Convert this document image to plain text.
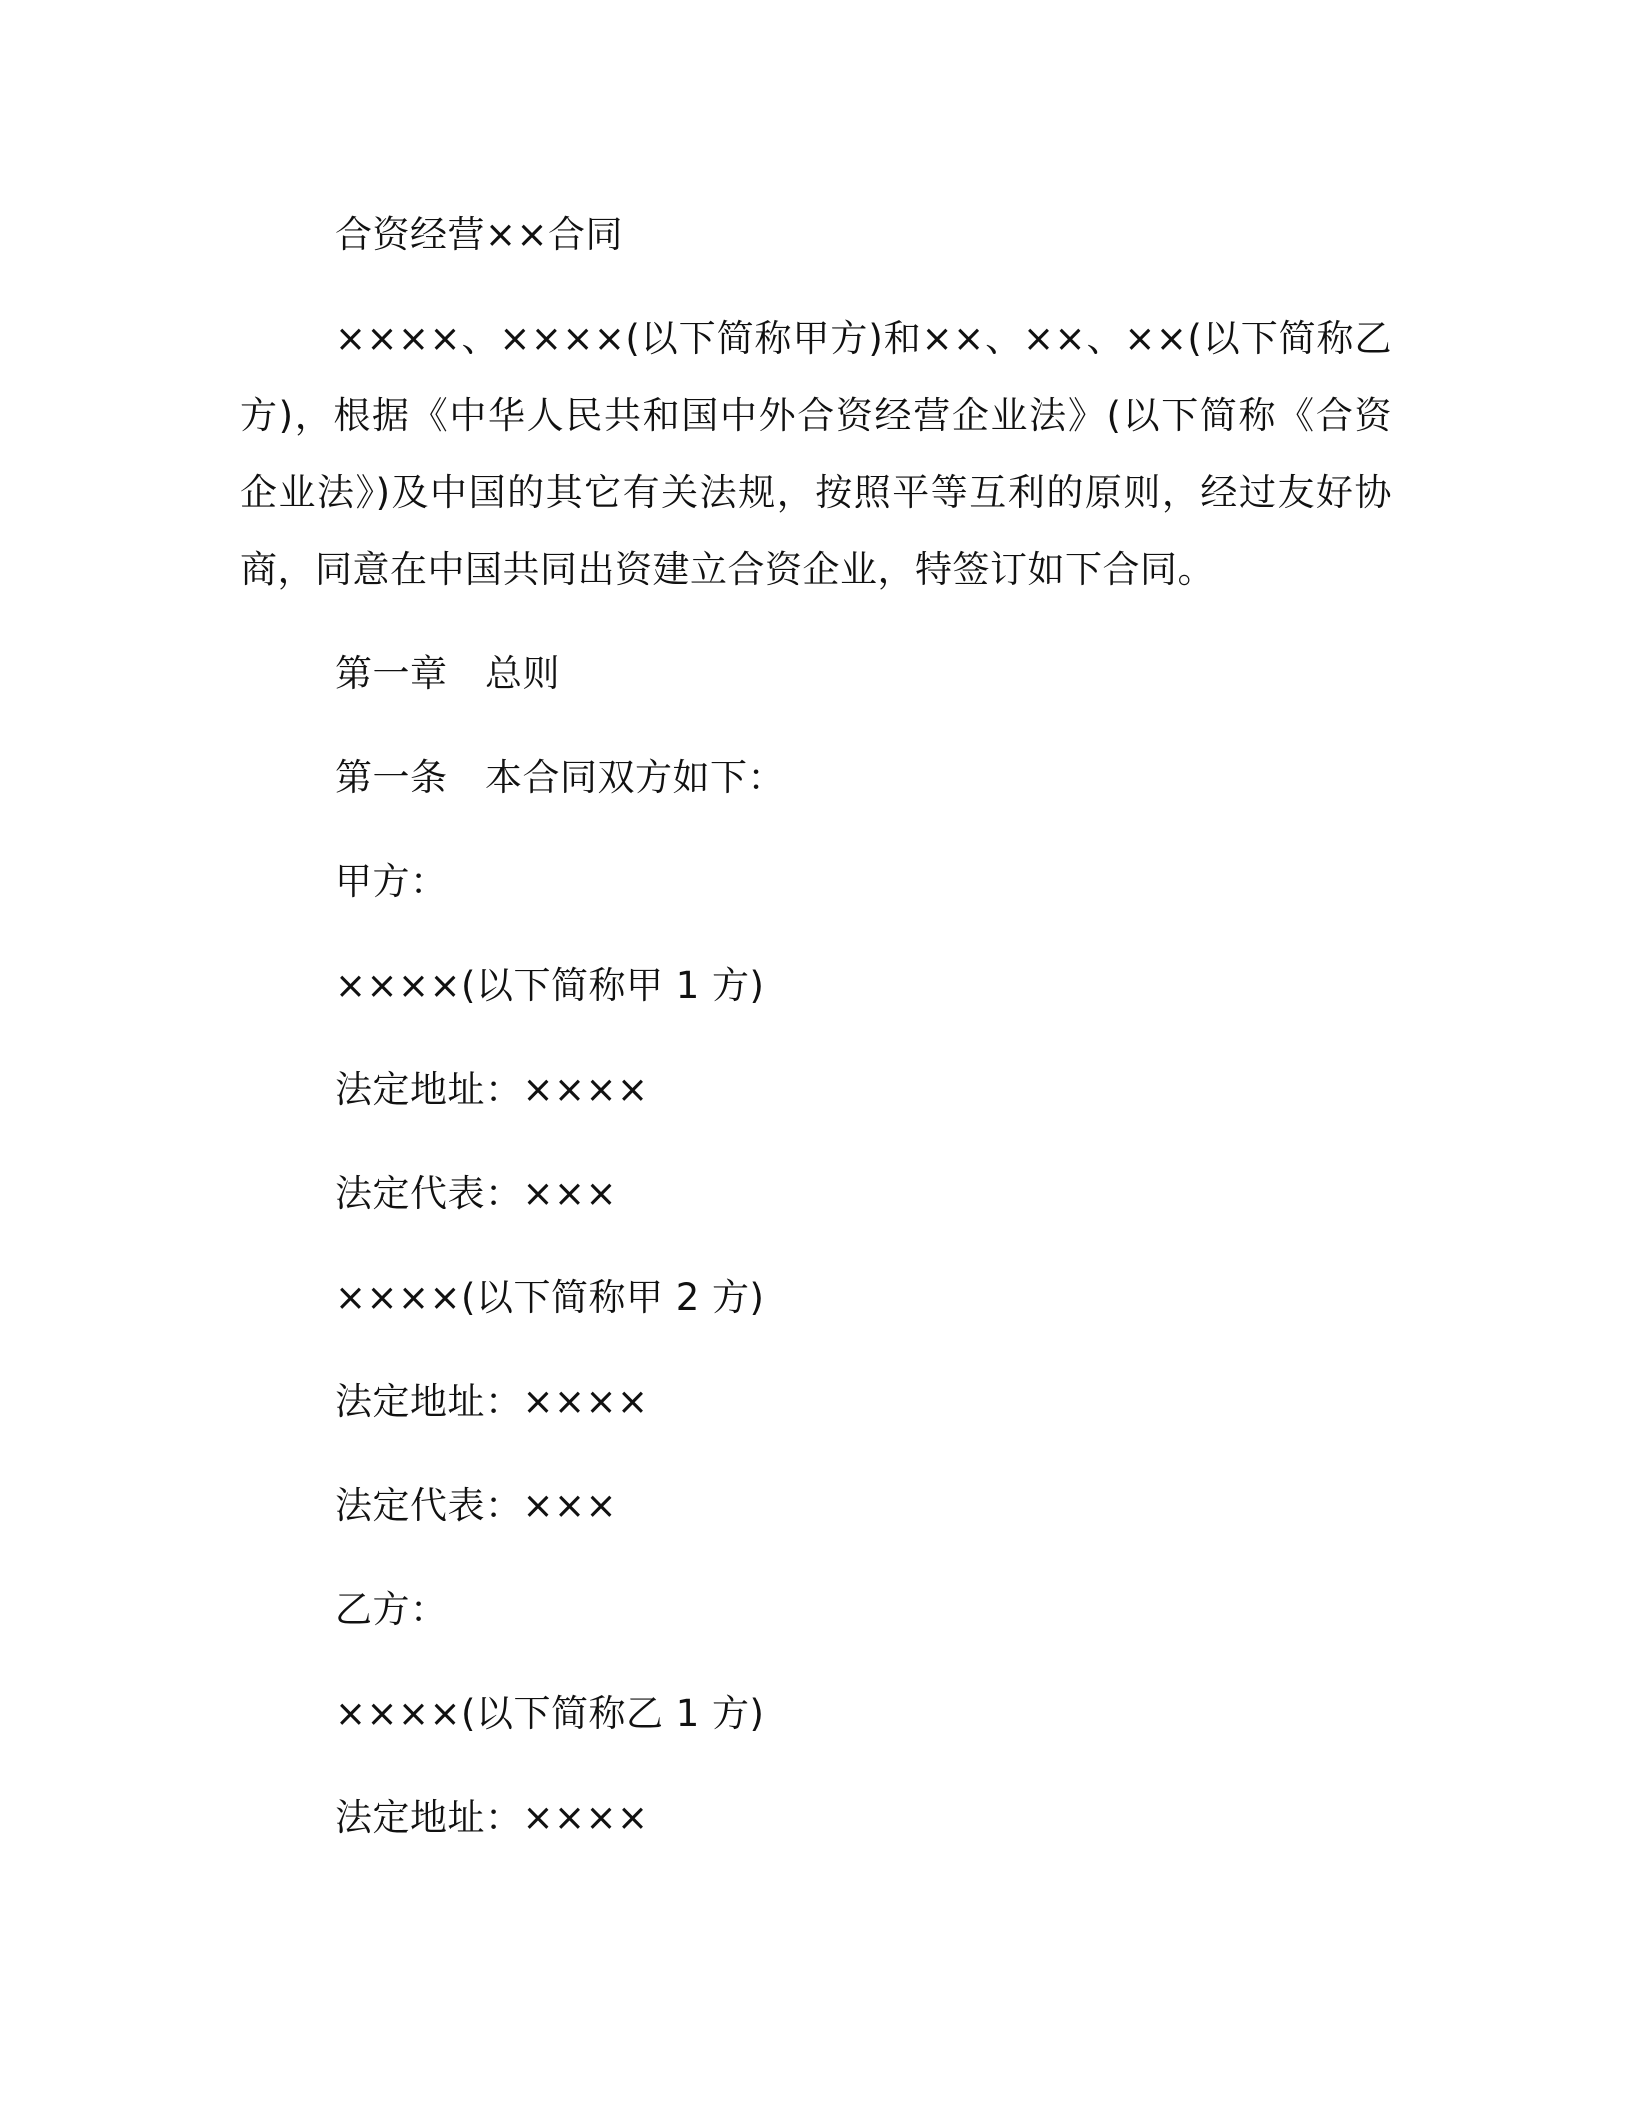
合资经营××合同
××××、××××(以下简称甲方)和××、××、××(以下简称乙方)，根据《中华人民共和国中外合资经营企业法》(以下简称《合资企业法》)及中国的其它有关法规，按照平等互利的原则，经过友好协商，同意在中国共同出资建立合资企业，特签订如下合同。
第一章　总则
第一条　本合同双方如下：
甲方：
××××(以下简称甲 1 方)
法定地址：××××
法定代表：×××
××××(以下简称甲 2 方)
法定地址：××××
法定代表：×××
乙方：
××××(以下简称乙 1 方)
法定地址：××××
